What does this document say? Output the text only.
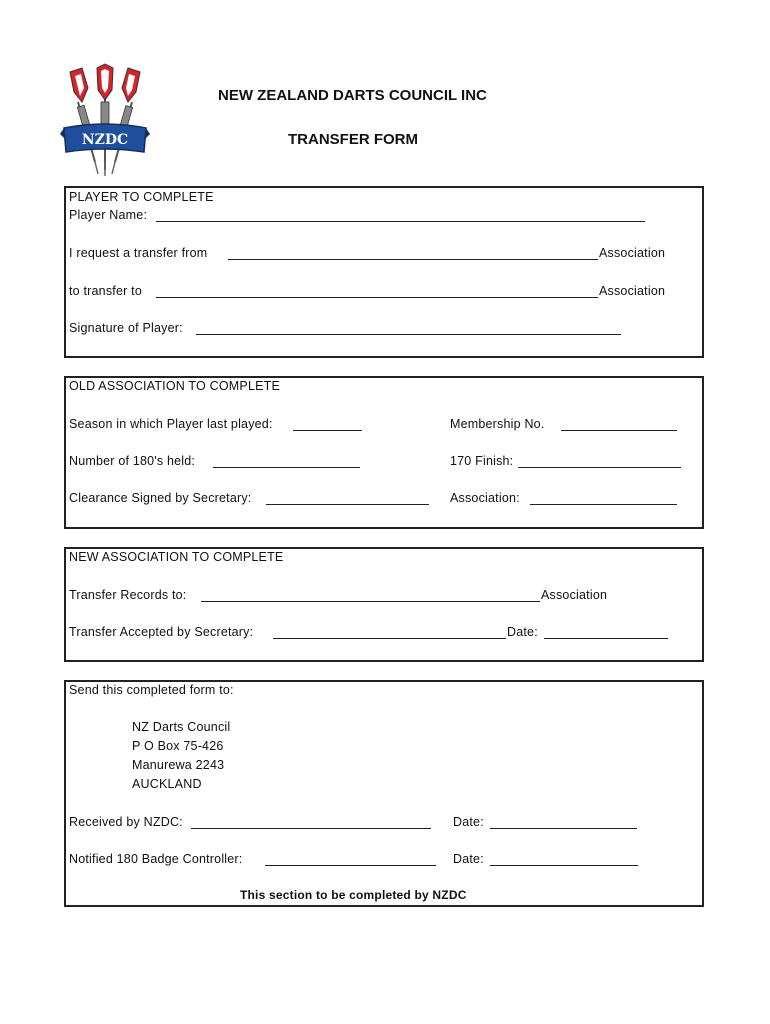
NZDC
NEW ZEALAND DARTS COUNCIL INC
TRANSFER FORM
PLAYER TO COMPLETE
Player Name:
I request a transfer from	Association
to transfer to	Association
Signature of Player:
OLD ASSOCIATION TO COMPLETE
Season in which Player last played:	Membership No.
Number of 180's held:	170 Finish:
Clearance Signed by Secretary:	Association:
NEW ASSOCIATION TO COMPLETE
Transfer Records to:	Association
Transfer Accepted by Secretary:	Date:
Send this completed form to:
NZ Darts Council
P O Box 75-426
Manurewa 2243
AUCKLAND
Received by NZDC:	Date:
Notified 180 Badge Controller:	Date:
This section to be completed by NZDC
